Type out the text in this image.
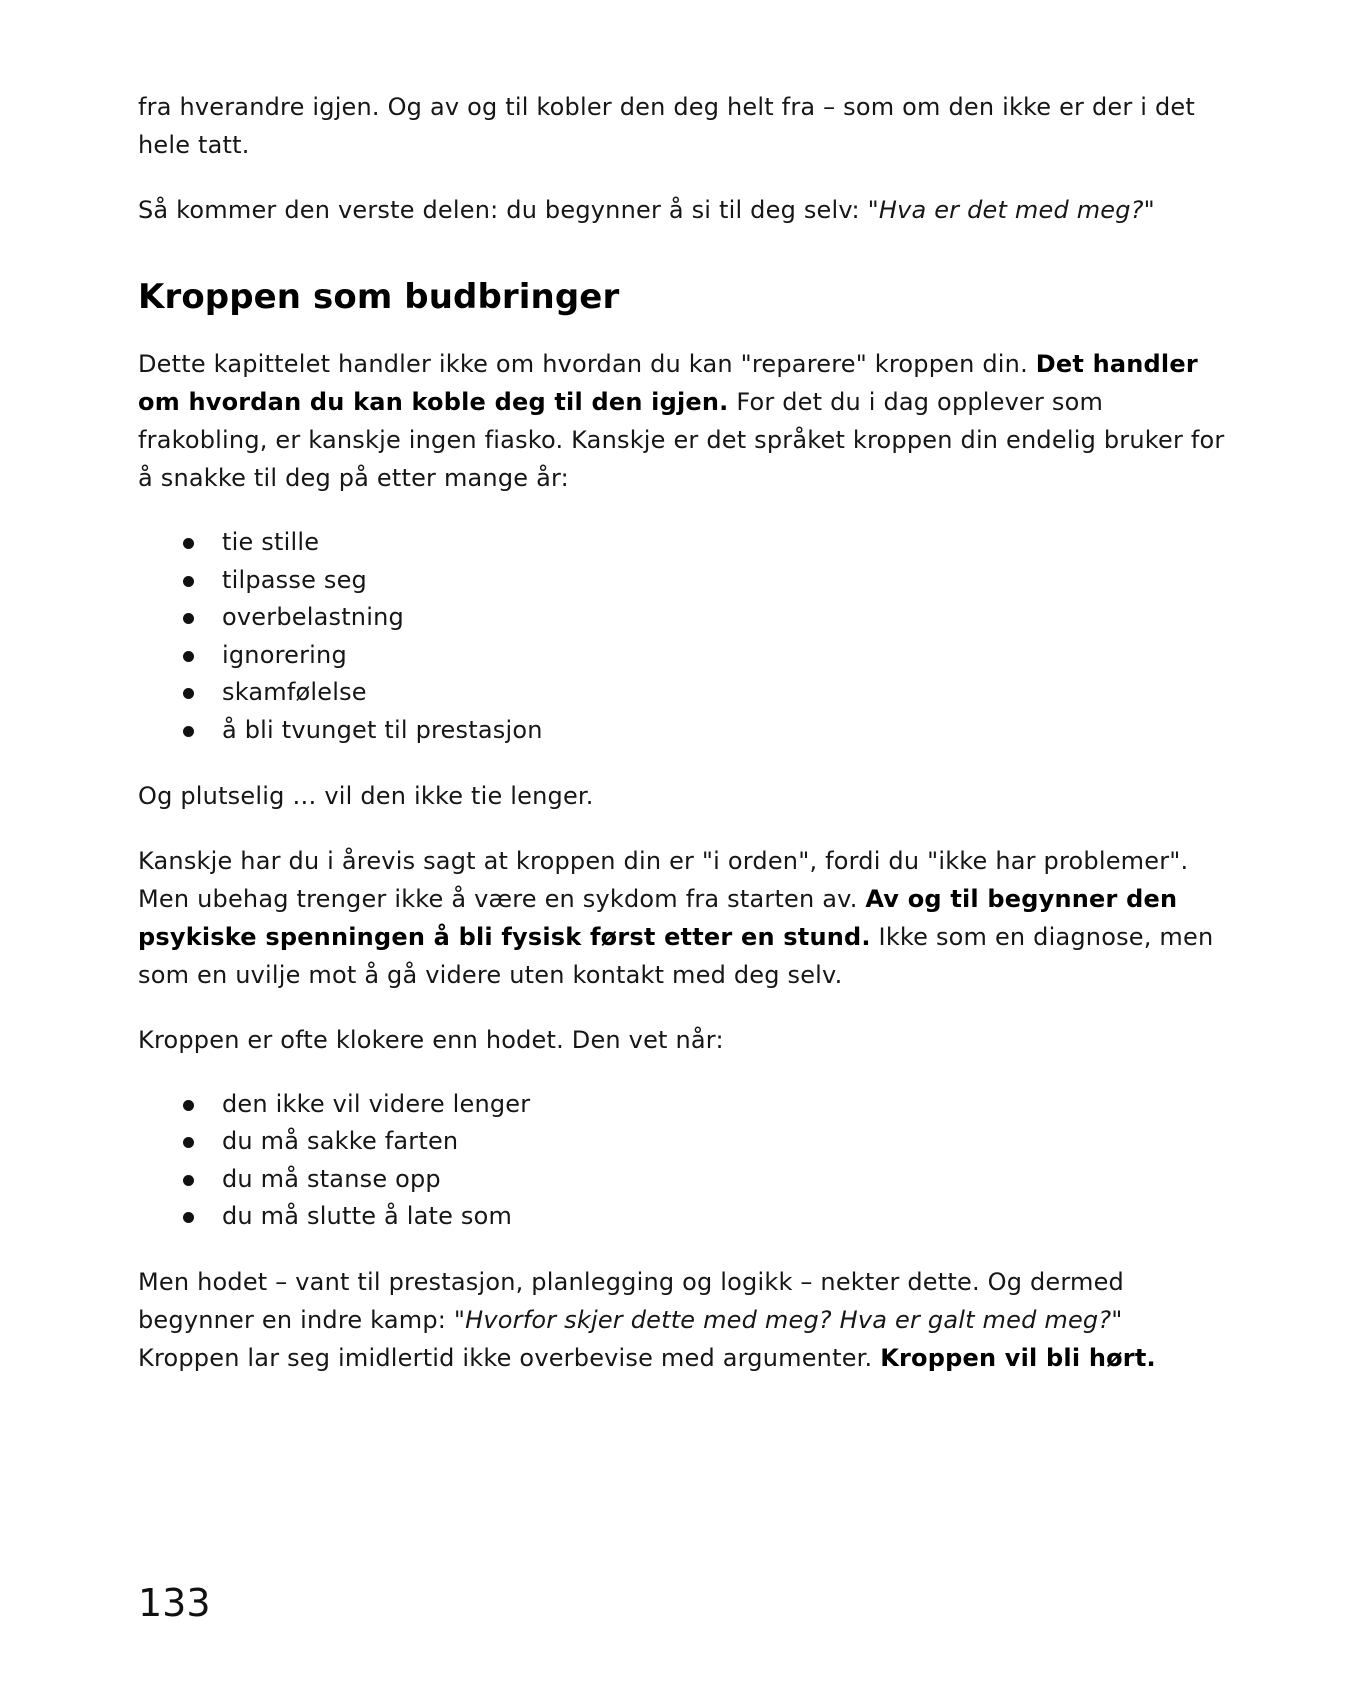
fra hverandre igjen. Og av og til kobler den deg helt fra – som om den ikke er der i det hele tatt.

Så kommer den verste delen: du begynner å si til deg selv: "Hva er det med meg?"

Kroppen som budbringer

Dette kapittelet handler ikke om hvordan du kan "reparere" kroppen din. Det handler om hvordan du kan koble deg til den igjen. For det du i dag opplever som frakobling, er kanskje ingen fiasko. Kanskje er det språket kroppen din endelig bruker for å snakke til deg på etter mange år:

tie stille
tilpasse seg
overbelastning
ignorering
skamfølelse
å bli tvunget til prestasjon

Og plutselig … vil den ikke tie lenger.

Kanskje har du i årevis sagt at kroppen din er "i orden", fordi du "ikke har problemer". Men ubehag trenger ikke å være en sykdom fra starten av. Av og til begynner den psykiske spenningen å bli fysisk først etter en stund. Ikke som en diagnose, men som en uvilje mot å gå videre uten kontakt med deg selv.

Kroppen er ofte klokere enn hodet. Den vet når:

den ikke vil videre lenger
du må sakke farten
du må stanse opp
du må slutte å late som

Men hodet – vant til prestasjon, planlegging og logikk – nekter dette. Og dermed begynner en indre kamp: "Hvorfor skjer dette med meg? Hva er galt med meg?" Kroppen lar seg imidlertid ikke overbevise med argumenter. Kroppen vil bli hørt.

133
